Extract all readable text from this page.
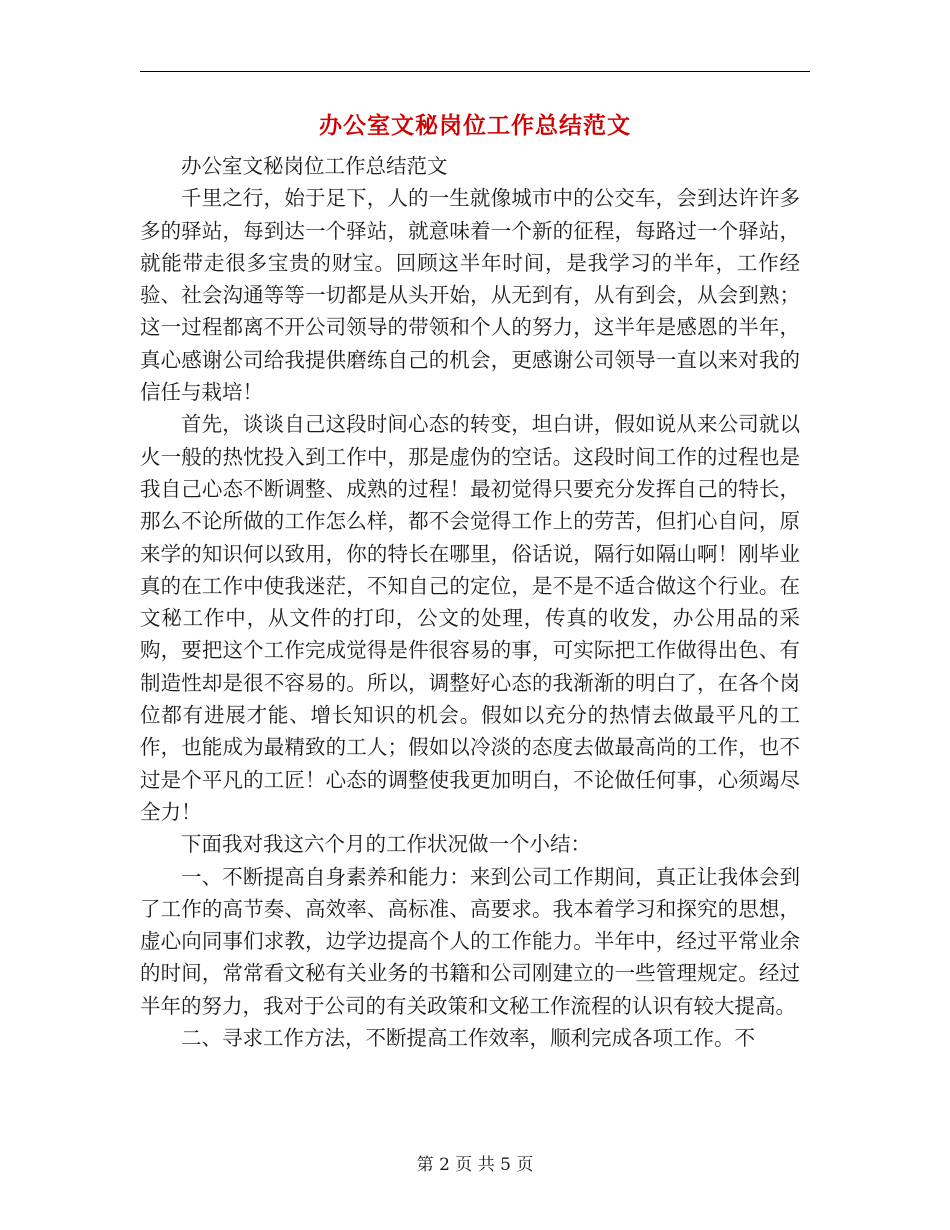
办公室文秘岗位工作总结范文

办公室文秘岗位工作总结范文

千里之行，始于足下，人的一生就像城市中的公交车，会到达许许多多的驿站，每到达一个驿站，就意味着一个新的征程，每路过一个驿站，就能带走很多宝贵的财宝。回顾这半年时间，是我学习的半年，工作经验、社会沟通等等一切都是从头开始，从无到有，从有到会，从会到熟；这一过程都离不开公司领导的带领和个人的努力，这半年是感恩的半年，真心感谢公司给我提供磨练自己的机会，更感谢公司领导一直以来对我的信任与栽培！

首先，谈谈自己这段时间心态的转变，坦白讲，假如说从来公司就以火一般的热忱投入到工作中，那是虚伪的空话。这段时间工作的过程也是我自己心态不断调整、成熟的过程！最初觉得只要充分发挥自己的特长，那么不论所做的工作怎么样，都不会觉得工作上的劳苦，但扪心自问，原来学的知识何以致用，你的特长在哪里，俗话说，隔行如隔山啊！刚毕业真的在工作中使我迷茫，不知自己的定位，是不是不适合做这个行业。在文秘工作中，从文件的打印，公文的处理，传真的收发，办公用品的采购，要把这个工作完成觉得是件很容易的事，可实际把工作做得出色、有制造性却是很不容易的。所以，调整好心态的我渐渐的明白了，在各个岗位都有进展才能、增长知识的机会。假如以充分的热情去做最平凡的工作，也能成为最精致的工人；假如以冷淡的态度去做最高尚的工作，也不过是个平凡的工匠！心态的调整使我更加明白，不论做任何事，心须竭尽全力！

下面我对我这六个月的工作状况做一个小结：

一、不断提高自身素养和能力：来到公司工作期间，真正让我体会到了工作的高节奏、高效率、高标准、高要求。我本着学习和探究的思想，虚心向同事们求教，边学边提高个人的工作能力。半年中，经过平常业余的时间，常常看文秘有关业务的书籍和公司刚建立的一些管理规定。经过半年的努力，我对于公司的有关政策和文秘工作流程的认识有较大提高。

二、寻求工作方法，不断提高工作效率，顺利完成各项工作。不

第 2 页 共 5 页
